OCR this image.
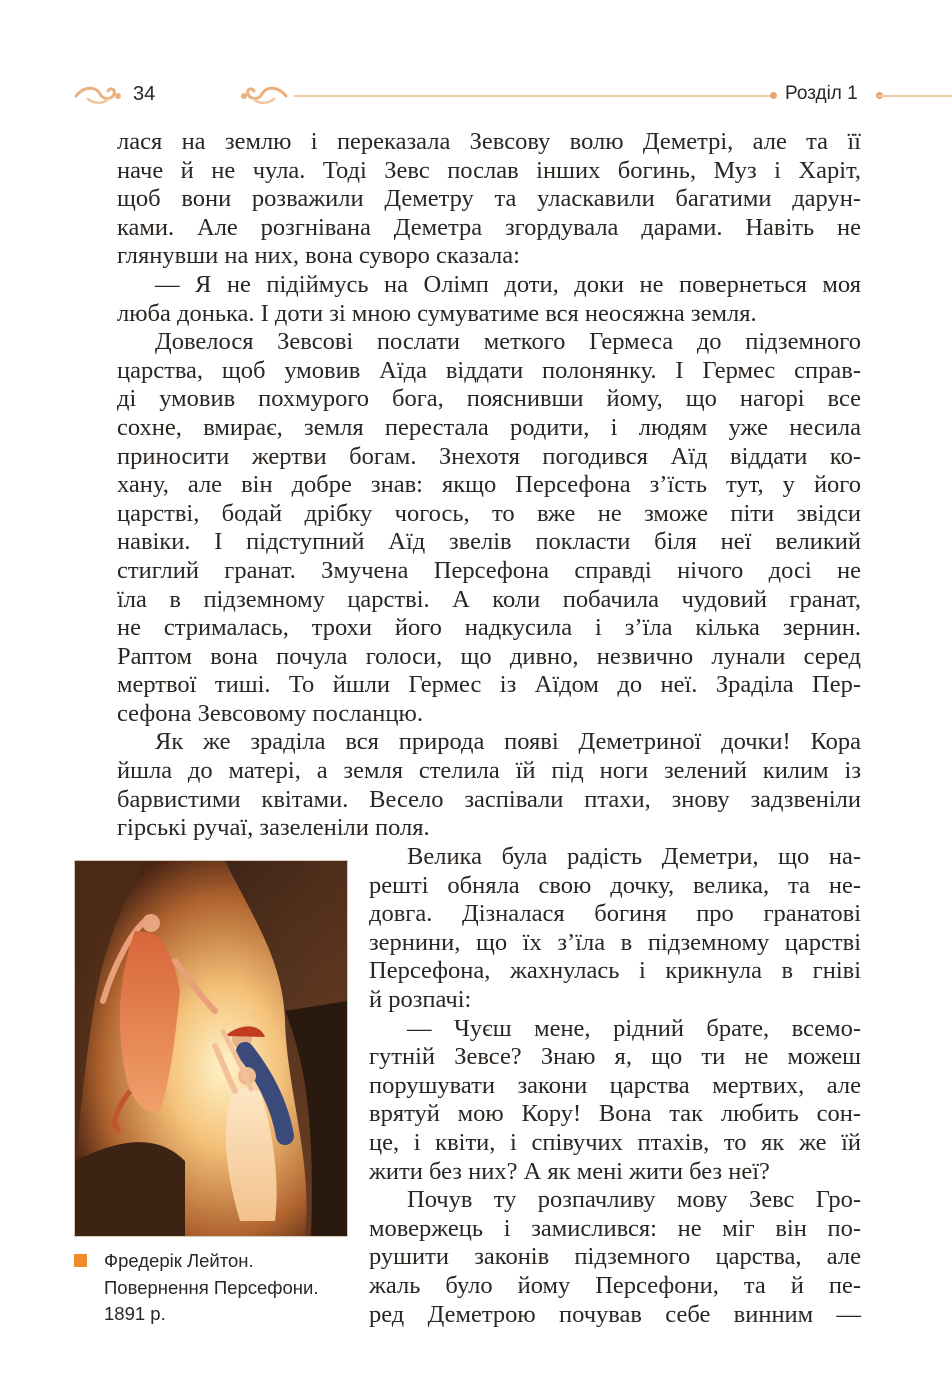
34	Розділ 1

лася на землю і переказала Зевсову волю Деметрі, але та її

наче й не чула. Тоді Зевс послав інших богинь, Муз і Харіт,

щоб вони розважили Деметру та уласкавили багатими дарун-

ками. Але розгнівана Деметра згордувала дарами. Навіть не

глянувши на них, вона суворо сказала:

— Я не підіймусь на Олімп доти, доки не повернеться моя

люба донька. І доти зі мною сумуватиме вся неосяжна земля.

Довелося Зевсові послати меткого Гермеса до підземного

царства, щоб умовив Аїда віддати полонянку. І Гермес справ-

ді умовив похмурого бога, пояснивши йому, що нагорі все

сохне, вмирає, земля перестала родити, і людям уже несила

приносити жертви богам. Знехотя погодився Аїд віддати ко-

хану, але він добре знав: якщо Персефона з’їсть тут, у його

царстві, бодай дрібку чогось, то вже не зможе піти звідси

навіки. І підступний Аїд звелів покласти біля неї великий

стиглий гранат. Змучена Персефона справді нічого досі не

їла в підземному царстві. А коли побачила чудовий гранат,

не стрималась, трохи його надкусила і з’їла кілька зернин.

Раптом вона почула голоси, що дивно, незвично лунали серед

мертвої тиші. То йшли Гермес із Аїдом до неї. Зраділа Пер-

сефона Зевсовому посланцю.

Як же зраділа вся природа появі Деметриної дочки! Кора

йшла до матері, а земля стелила їй під ноги зелений килим із

барвистими квітами. Весело заспівали птахи, знову задзвеніли

гірські ручаї, зазеленіли поля.

Фредерік Лейтон.
Повернення Персефони.
1891 р.

Велика була радість Деметри, що на-

решті обняла свою дочку, велика, та не-

довга. Дізналася богиня про гранатові

зернини, що їх з’їла в підземному царстві

Персефона, жахнулась і крикнула в гніві

й розпачі:

— Чуєш мене, рідний брате, всемо-

гутній Зевсе? Знаю я, що ти не можеш

порушувати закони царства мертвих, але

врятуй мою Кору! Вона так любить сон-

це, і квіти, і співучих птахів, то як же їй

жити без них? А як мені жити без неї?

Почув ту розпачливу мову Зевс Гро-

мовержець і замислився: не міг він по-

рушити законів підземного царства, але

жаль було йому Персефони, та й пе-

ред Деметрою почував себе винним —
